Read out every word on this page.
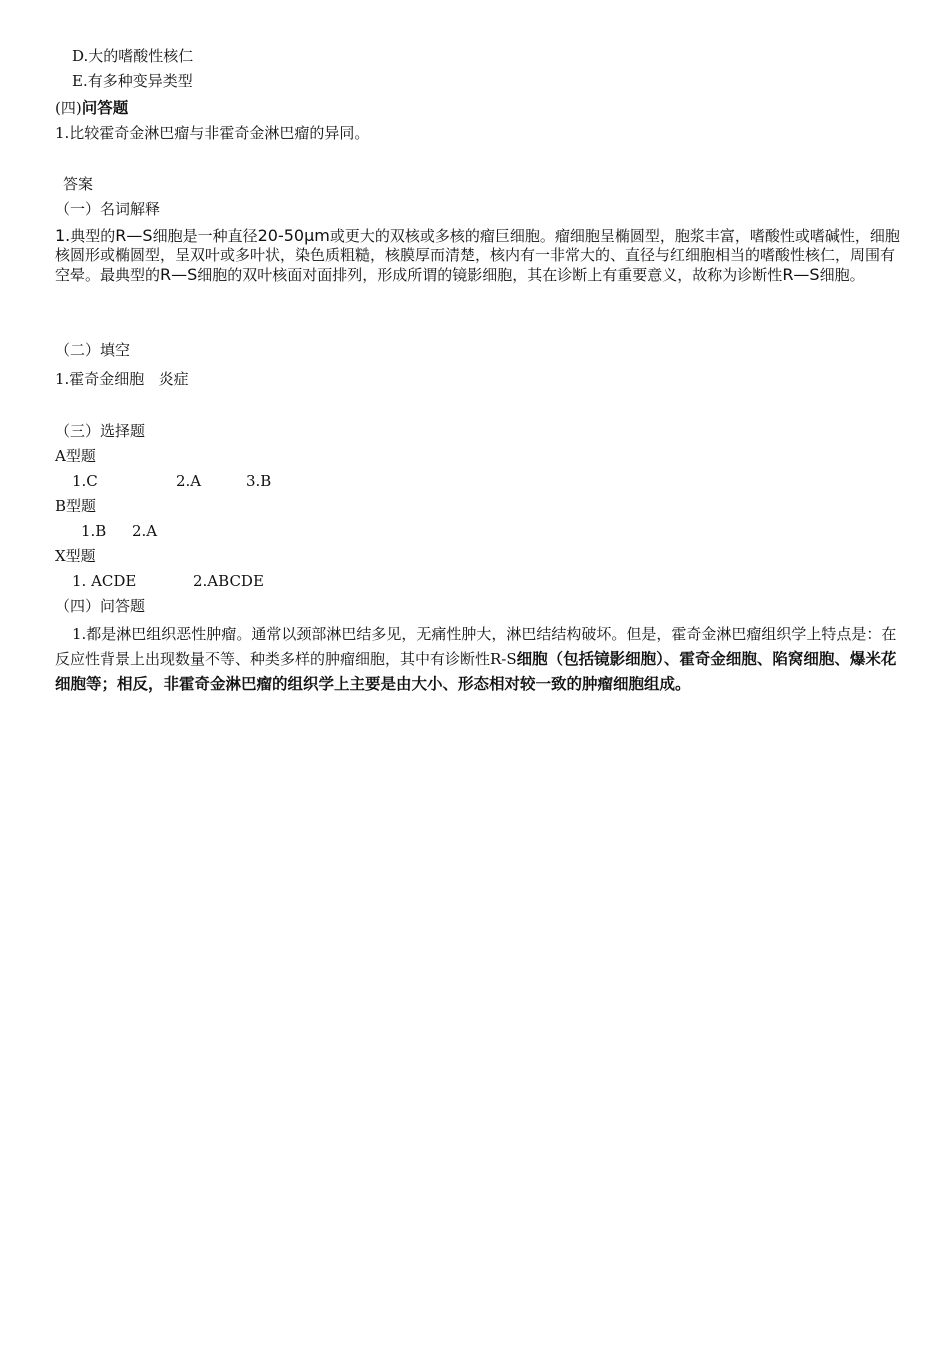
D.大的嗜酸性核仁
E.有多种变异类型
(四)问答题
1.比较霍奇金淋巴瘤与非霍奇金淋巴瘤的异同。
答案
（一）名词解释
1.典型的R—S细胞是一种直径20-50μm或更大的双核或多核的瘤巨细胞。瘤细胞呈椭圆型，胞浆丰富，嗜酸性或嗜碱性，细胞核圆形或椭圆型，呈双叶或多叶状，染色质粗糙，核膜厚而清楚，核内有一非常大的、直径与红细胞相当的嗜酸性核仁，周围有空晕。最典型的R—S细胞的双叶核面对面排列，形成所谓的镜影细胞，其在诊断上有重要意义，故称为诊断性R—S细胞。
（二）填空
1.霍奇金细胞   炎症
（三）选择题
A型题
1.C	2.A	3.B
B型题
1.B 2.A
X型题
1. ACDE	2.ABCDE
（四）问答题
1.都是淋巴组织恶性肿瘤。通常以颈部淋巴结多见，无痛性肿大，淋巴结结构破坏。但是，霍奇金淋巴瘤组织学上特点是：在反应性背景上出现数量不等、种类多样的肿瘤细胞，其中有诊断性R-S细胞（包括镜影细胞）、霍奇金细胞、陷窝细胞、爆米花细胞等；相反，非霍奇金淋巴瘤的组织学上主要是由大小、形态相对较一致的肿瘤细胞组成。
